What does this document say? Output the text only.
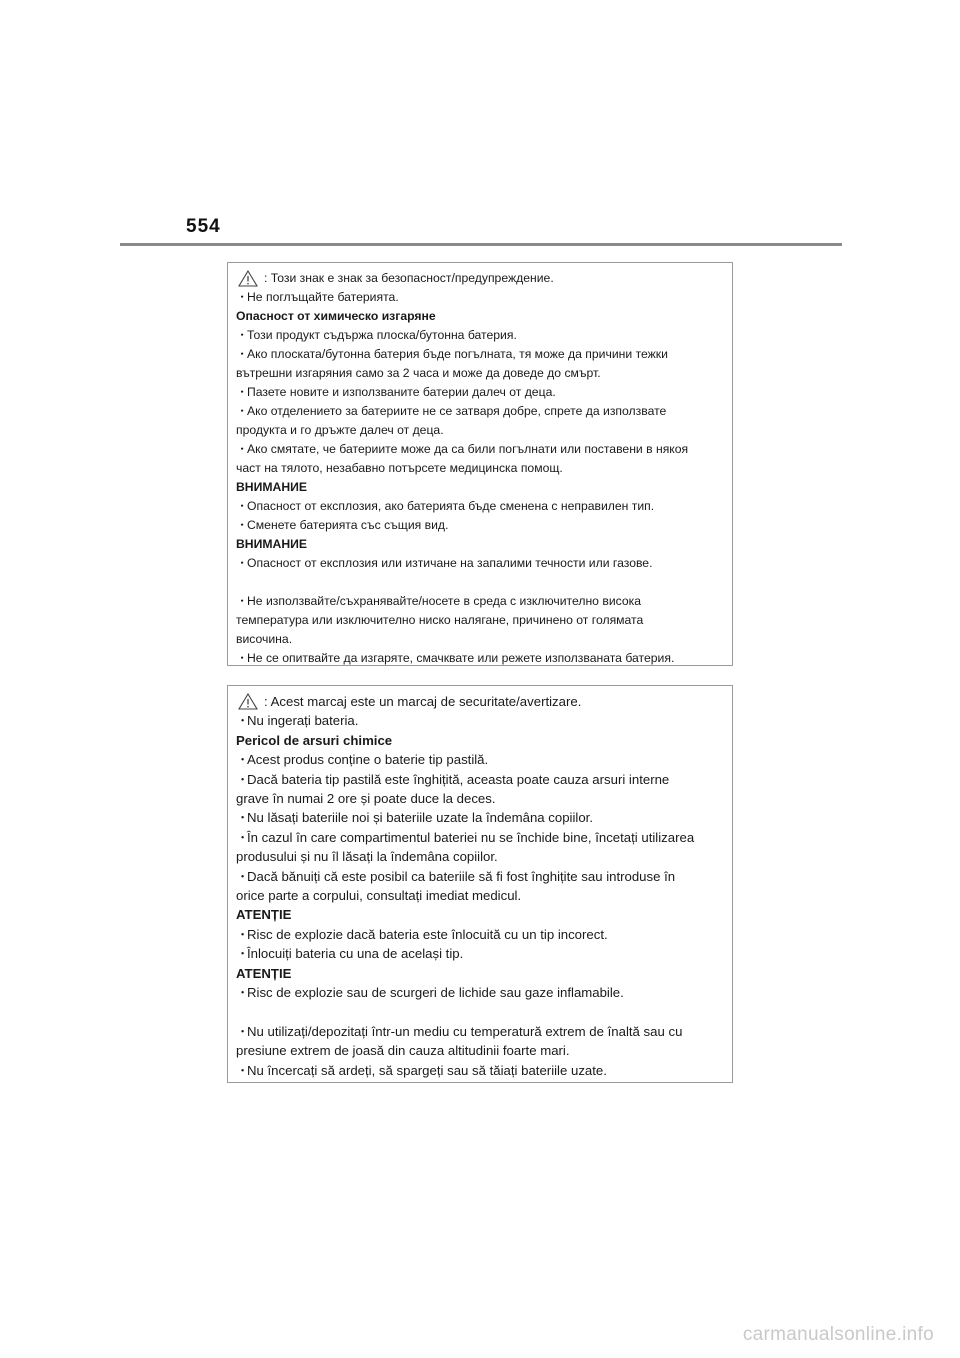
554
: Този знак е знак за безопасност/предупреждение.
・Не поглъщайте батерията.
Опасност от химическо изгаряне
・Този продукт съдържа плоска/бутонна батерия.
・Ако плоската/бутонна батерия бъде погълната, тя може да причини тежки
вътрешни изгаряния само за 2 часа и може да доведе до смърт.
・Пазете новите и използваните батерии далеч от деца.
・Ако отделението за батериите не се затваря добре, спрете да използвате
продукта и го дръжте далеч от деца.
・Ако смятате, че батериите може да са били погълнати или поставени в някоя
част на тялото, незабавно потърсете медицинска помощ.
ВНИМАНИЕ
・Опасност от експлозия, ако батерията бъде сменена с неправилен тип.
・Сменете батерията със същия вид.
ВНИМАНИЕ
・Опасност от експлозия или изтичане на запалими течности или газове.
・Не използвайте/съхранявайте/носете в среда с изключително висока
температура или изключително ниско налягане, причинено от голямата
височина.
・Не се опитвайте да изгаряте, смачквате или режете използваната батерия.
: Acest marcaj este un marcaj de securitate/avertizare.
・Nu ingerați bateria.
Pericol de arsuri chimice
・Acest produs conține o baterie tip pastilă.
・Dacă bateria tip pastilă este înghițită, aceasta poate cauza arsuri interne
grave în numai 2 ore și poate duce la deces.
・Nu lăsați bateriile noi și bateriile uzate la îndemâna copiilor.
・În cazul în care compartimentul bateriei nu se închide bine, încetați utilizarea
produsului și nu îl lăsați la îndemâna copiilor.
・Dacă bănuiți că este posibil ca bateriile să fi fost înghițite sau introduse în
orice parte a corpului, consultați imediat medicul.
ATENȚIE
・Risc de explozie dacă bateria este înlocuită cu un tip incorect.
・Înlocuiți bateria cu una de același tip.
ATENȚIE
・Risc de explozie sau de scurgeri de lichide sau gaze inflamabile.
・Nu utilizați/depozitați într-un mediu cu temperatură extrem de înaltă sau cu
presiune extrem de joasă din cauza altitudinii foarte mari.
・Nu încercați să ardeți, să spargeți sau să tăiați bateriile uzate.
carmanualsonline.info
